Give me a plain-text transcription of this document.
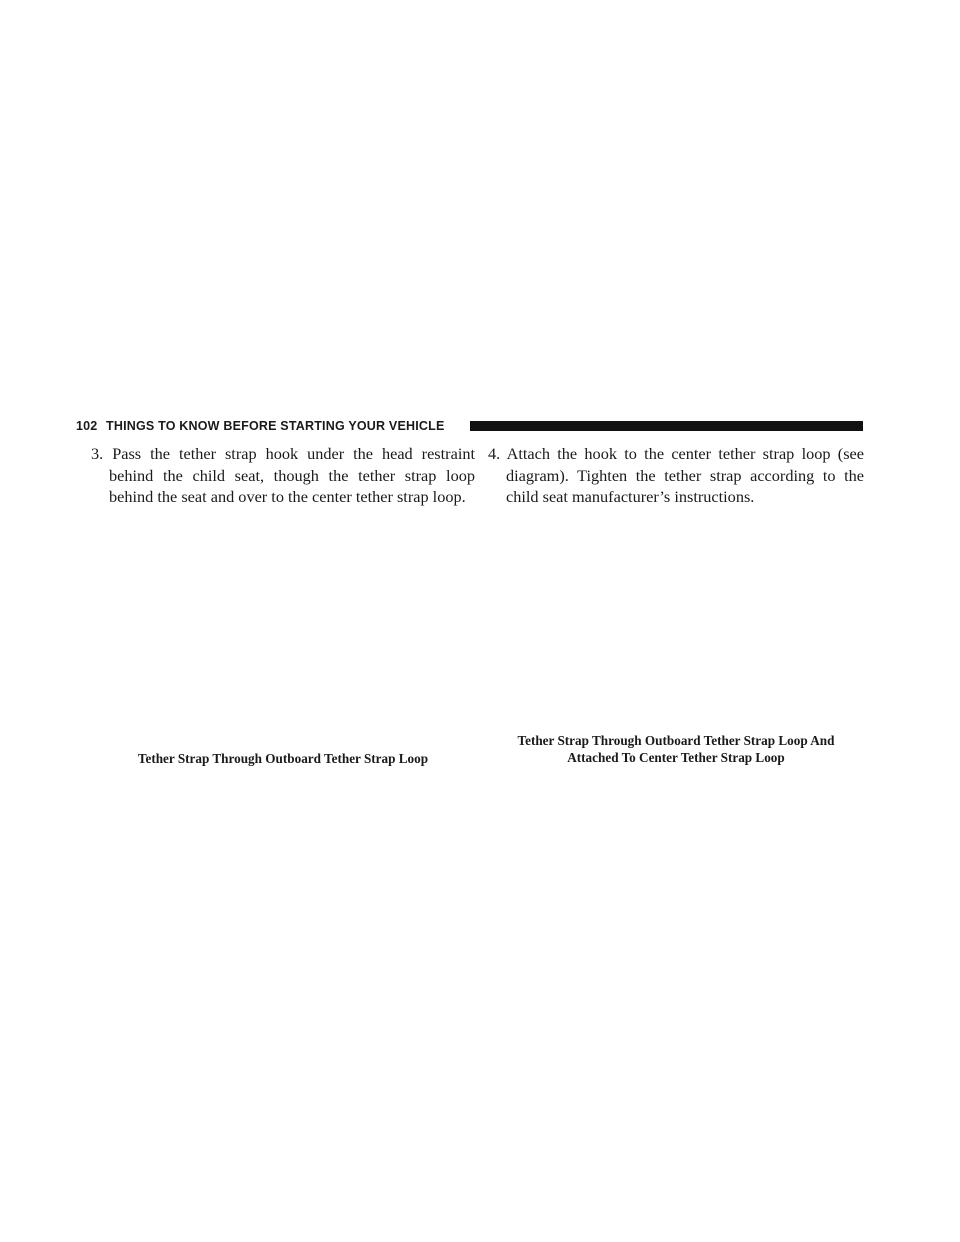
102 THINGS TO KNOW BEFORE STARTING YOUR VEHICLE

3. Pass the tether strap hook under the head restraint behind the child seat, though the tether strap loop behind the seat and over to the center tether strap loop.

4. Attach the hook to the center tether strap loop (see diagram). Tighten the tether strap according to the child seat manufacturer’s instructions.

Tether Strap Through Outboard Tether Strap Loop
Tether Strap Through Outboard Tether Strap Loop And
Attached To Center Tether Strap Loop
